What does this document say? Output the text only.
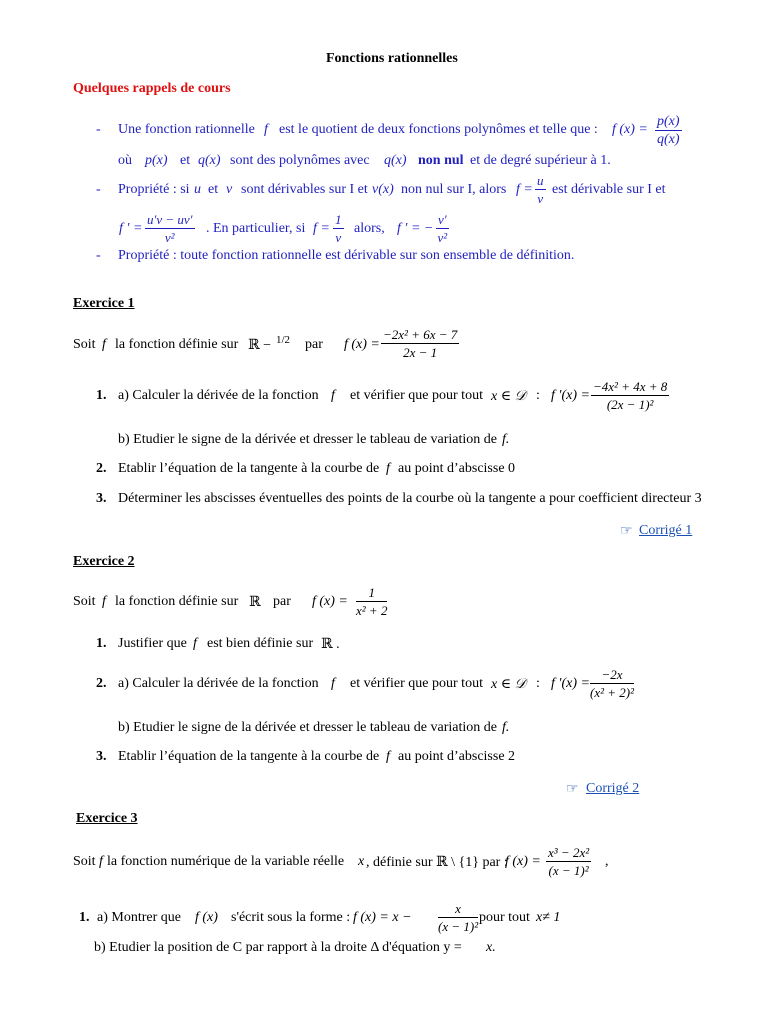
Fonctions rationnelles
Quelques rappels de cours
- Une fonction rationnelle f est le quotient de deux fonctions polynômes et telle que : f $(x) = \frac{p(x)}{q(x)}$
où p(x) et q(x) sont des polynômes avec q(x) non nul et de degré supérieur à 1.
- Propriété : si u et v sont dérivables sur I et v(x) non nul sur I, alors $f = \frac{u}{v}$ est dérivable sur I et
f ′ = $\frac{u'v - uv'}{\text{v²}}$ . En particulier, si $f = \frac{1}{v}$ alors, f ′ = − $\frac{v'}{\text{v²}}$
- Propriété : toute fonction rationnelle est dérivable sur son ensemble de définition.
Exercice 1
Soit f la fonction définie sur ℝ − 1/2 par f $(x) = \frac{\text{−2x² + 6x − 7}}{2x - 1}$
1. a) Calculer la dérivée de la fonction f et vérifier que pour tout x ∈ 𝒟 : f $'(x) = \frac{\text{−4x² + 4x + 8}}{\text{(2x − 1)²}}$
b) Etudier le signe de la dérivée et dresser le tableau de variation de f.
2. Etablir l’équation de la tangente à la courbe de f au point d’abscisse 0
3. Déterminer les abscisses éventuelles des points de la courbe où la tangente a pour coefficient directeur 3
☞ Corrigé 1
Exercice 2
Soit f la fonction définie sur ℝ par f $(x) = \frac{1}{\text{x² + 2}}$
1. Justifier que f est bien définie sur ℝ .
2. a) Calculer la dérivée de la fonction f et vérifier que pour tout x ∈ 𝒟 : f $'(x) = \frac{-2x}{\text{(x² + 2)²}}$
b) Etudier le signe de la dérivée et dresser le tableau de variation de f.
3. Etablir l’équation de la tangente à la courbe de f au point d’abscisse 2
☞ Corrigé 2
Exercice 3
Soit f la fonction numérique de la variable réelle x , définie sur ℝ \ {1} par :
f $(x) = \frac{\text{x³ − 2x²}}{\text{(x − 1)²}}$ ,
1. a) Montrer que f (x) s'écrit sous la forme : f $(x) = x - \frac{x}{\text{(x − 1)²}}$ pour tout x≠ 1
b) Etudier la position de C par rapport à la droite Δ d'équation y = x.
